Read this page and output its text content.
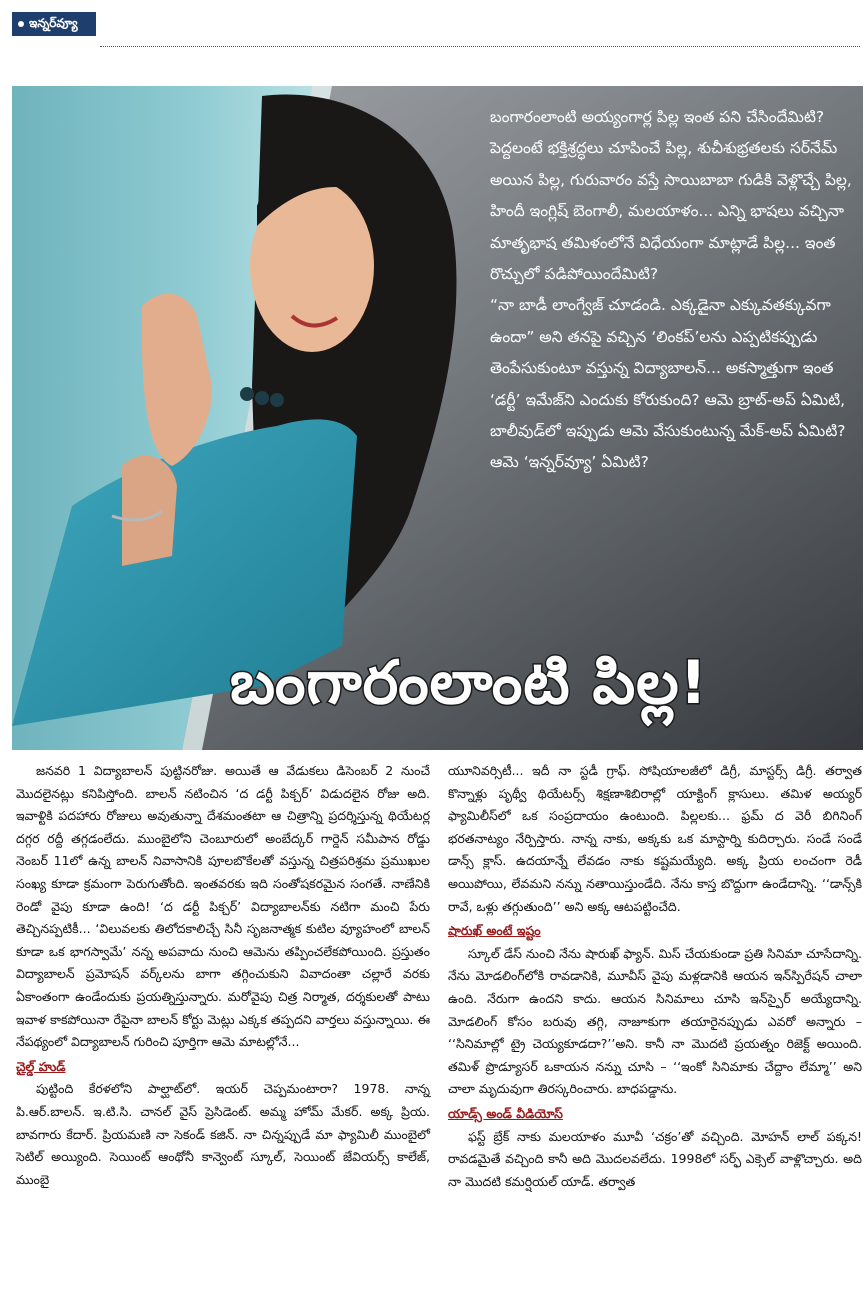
ఇన్నర్‌వ్యూ

బంగారంలాంటి అయ్యంగార్ల పిల్ల ఇంత పని చేసిందేమిటి? పెద్దలంటే భక్తిశ్రద్ధలు చూపించే పిల్ల, శుచీశుభ్రతలకు సర్‌నేమ్ అయిన పిల్ల, గురువారం వస్తే సాయిబాబా గుడికి వెళ్లొచ్చే పిల్ల, హిందీ ఇంగ్లిష్ బెంగాలీ, మలయాళం... ఎన్ని భాషలు వచ్చినా మాతృభాష తమిళంలోనే విధేయంగా మాట్లాడే పిల్ల... ఇంత రొచ్చులో పడిపోయిందేమిటి?

“నా బాడీ లాంగ్వేజ్ చూడండి. ఎక్కడైనా ఎక్కువతక్కువగా ఉందా” అని తనపై వచ్చిన ‘లింకప్’లను ఎప్పటికప్పుడు తెంపేసుకుంటూ వస్తున్న విద్యాబాలన్... అకస్మాత్తుగా ఇంత ‘డర్టీ’ ఇమేజ్‌ని ఎందుకు కోరుకుంది? ఆమె బ్రాట్-అప్ ఏమిటి, బాలీవుడ్‌లో ఇప్పుడు ఆమె వేసుకుంటున్న మేక్-అప్ ఏమిటి? ఆమె ‘ఇన్నర్‌వ్యూ’ ఏమిటి?

బంగారంలాంటి పిల్ల!

జనవరి 1 విద్యాబాలన్ పుట్టినరోజు. అయితే ఆ వేడుకలు డిసెంబర్ 2 నుంచే మొదలైనట్లు కనిపిస్తోంది. బాలన్ నటించిన ‘ద డర్టీ పిక్చర్’ విడుదలైన రోజు అది. ఇవాళ్టికి పదహారు రోజులు అవుతున్నా దేశమంతటా ఆ చిత్రాన్ని ప్రదర్శిస్తున్న థియేటర్ల దగ్గర రద్దీ తగ్గడంలేదు. ముంబైలోని చెంబూరులో అంబేద్కర్ గార్డెన్ సమీపాన రోడ్డు నెంబర్ 11లో ఉన్న బాలన్ నివాసానికి పూలబొకేలతో వస్తున్న చిత్రపరిశ్రమ ప్రముఖుల సంఖ్య కూడా క్రమంగా పెరుగుతోంది. ఇంతవరకు ఇది సంతోషకరమైన సంగతే. నాణేనికి రెండో వైపు కూడా ఉంది! ‘ద డర్టీ పిక్చర్’ విద్యాబాలన్‌కు నటిగా మంచి పేరు తెచ్చినప్పటికీ... ‘విలువలకు తిలోదకాలిచ్చే సినీ సృజనాత్మక కుటిల వ్యూహంలో బాలన్ కూడా ఒక భాగస్వామే’ నన్న అపవాదు నుంచి ఆమెను తప్పించలేకపోయింది. ప్రస్తుతం విద్యాబాలన్ ప్రమోషన్ వర్క్‌లను బాగా తగ్గించుకుని వివాదంతా చల్లారే వరకు ఏకాంతంగా ఉండేందుకు ప్రయత్నిస్తున్నారు. మరోవైపు చిత్ర నిర్మాత, దర్శకులతో పాటు ఇవాళ కాకపోయినా రేపైనా బాలన్ కోర్టు మెట్లు ఎక్కక తప్పదని వార్తలు వస్తున్నాయి. ఈ నేపథ్యంలో విద్యాబాలన్ గురించి పూర్తిగా ఆమె మాటల్లోనే...

చైల్డ్ హుడ్

పుట్టింది కేరళలోని పాల్ఘాట్‌లో. ఇయర్ చెప్పమంటారా? 1978. నాన్న పి.ఆర్.బాలన్. ఇ.టి.సి. చానల్ వైస్ ప్రెసిడెంట్. అమ్మ హోమ్ మేకర్. అక్క ప్రియ. బావగారు కేదార్. ప్రియమణి నా సెకండ్ కజిన్. నా చిన్నప్పుడే మా ఫ్యామిలీ ముంబైలో సెటిల్ అయ్యింది. సెయింట్ ఆంథోనీ కాన్వెంట్ స్కూల్, సెయింట్ జేవియర్స్ కాలేజ్, ముంబై

యూనివర్సిటీ... ఇదీ నా స్టడీ గ్రాఫ్. సోషియాలజీలో డిగ్రీ, మాస్టర్స్ డిగ్రీ. తర్వాత కొన్నాళ్లు పృథ్వీ థియేటర్స్ శిక్షణాశిబిరాల్లో యాక్టింగ్ క్లాసులు. తమిళ అయ్యర్ ఫ్యామిలీస్‌లో ఒక సంప్రదాయం ఉంటుంది. పిల్లలకు... ఫ్రమ్ ద వెరీ బిగినింగ్ భరతనాట్యం నేర్పిస్తారు. నాన్న నాకు, అక్కకు ఒక మాస్టార్ని కుదిర్చారు. సండే సండే డాన్స్ క్లాస్. ఉదయాన్నే లేవడం నాకు కష్టమయ్యేది. అక్క ప్రియ లంచంగా రెడీ అయిపోయి, లేవమని నన్ను నతాయిస్తుండేది. నేను కాస్త బొద్దుగా ఉండేదాన్ని. ‘‘డాన్స్‌కి రావే, ఒళ్లు తగ్గుతుంది’’ అని అక్క ఆటపట్టించేది.

షారుఖ్ అంటే ఇష్టం

స్కూల్ డేస్ నుంచి నేను షారుఖ్ ఫ్యాన్. మిస్ చేయకుండా ప్రతి సినిమా చూసేదాన్ని. నేను మోడలింగ్‌లోకి రావడానికి, మూవీస్ వైపు మళ్లడానికి ఆయన ఇన్‌స్పిరేషన్ చాలా ఉంది. నేరుగా ఉందని కాదు. ఆయన సినిమాలు చూసి ఇన్‌స్పైర్ అయ్యేదాన్ని. మోడలింగ్ కోసం బరువు తగ్గి, నాజూకుగా తయారైనప్పుడు ఎవరో అన్నారు – ‘‘సినిమాల్లో ట్రై చెయ్యకూడదా?’’అని. కానీ నా మొదటి ప్రయత్నం రిజెక్ట్ అయింది. తమిళ్ ప్రొడ్యూసర్ ఒకాయన నన్ను చూసి – ‘‘ఇంకో సినిమాకు చేద్దాం లేమ్మా’’ అని చాలా మృదువుగా తిరస్కరించారు. బాధపడ్డాను.

యాడ్స్ అండ్ వీడియోస్

ఫస్ట్ బ్రేక్ నాకు మలయాళం మూవీ ‘చక్రం’తో వచ్చింది. మోహన్ లాల్ పక్కన! రావడమైతే వచ్చింది కానీ అది మొదలవలేదు. 1998లో సర్ఫ్ ఎక్సెల్ వాళ్లొచ్చారు. అది నా మొదటి కమర్షియల్ యాడ్. తర్వాత
